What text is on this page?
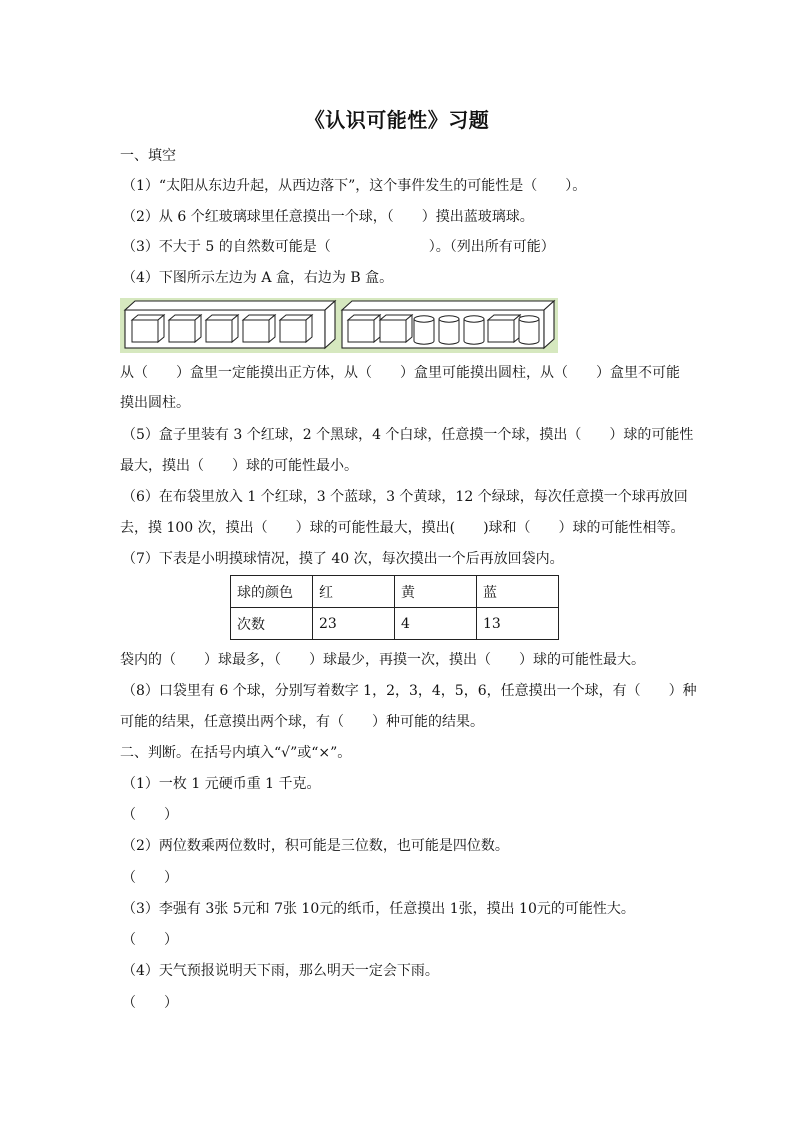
《认识可能性》习题
一、填空
（1）“太阳从东边升起，从西边落下”，这个事件发生的可能性是（　　）。
（2）从 6 个红玻璃球里任意摸出一个球，（　　）摸出蓝玻璃球。
（3）不大于 5 的自然数可能是（　　　　　　　）。（列出所有可能）
（4）下图所示左边为 A 盒，右边为 B 盒。
从（　　）盒里一定能摸出正方体，从（　　）盒里可能摸出圆柱，从（　　）盒里不可能
摸出圆柱。
（5）盒子里装有 3 个红球，2 个黑球，4 个白球，任意摸一个球，摸出（　　）球的可能性
最大，摸出（　　）球的可能性最小。
（6）在布袋里放入 1 个红球，3 个蓝球，3 个黄球，12 个绿球，每次任意摸一个球再放回
去，摸 100 次，摸出（　　）球的可能性最大，摸出(　　)球和（　　）球的可能性相等。
（7）下表是小明摸球情况，摸了 40 次，每次摸出一个后再放回袋内。
球的颜色	红	黄	蓝
次数	23	4	13
袋内的（　　）球最多，（　　）球最少，再摸一次，摸出（　　）球的可能性最大。
（8）口袋里有 6 个球，分别写着数字 1，2，3，4，5，6，任意摸出一个球，有（　　）种
可能的结果，任意摸出两个球，有（　　）种可能的结果。
二、判断。在括号内填入“√”或“×”。
（1）一枚 1 元硬币重 1 千克。
（　　）
（2）两位数乘两位数时，积可能是三位数，也可能是四位数。
（　　）
（3）李强有 3张 5元和 7张 10元的纸币，任意摸出 1张，摸出 10元的可能性大。
（　　）
（4）天气预报说明天下雨，那么明天一定会下雨。
（　　）
